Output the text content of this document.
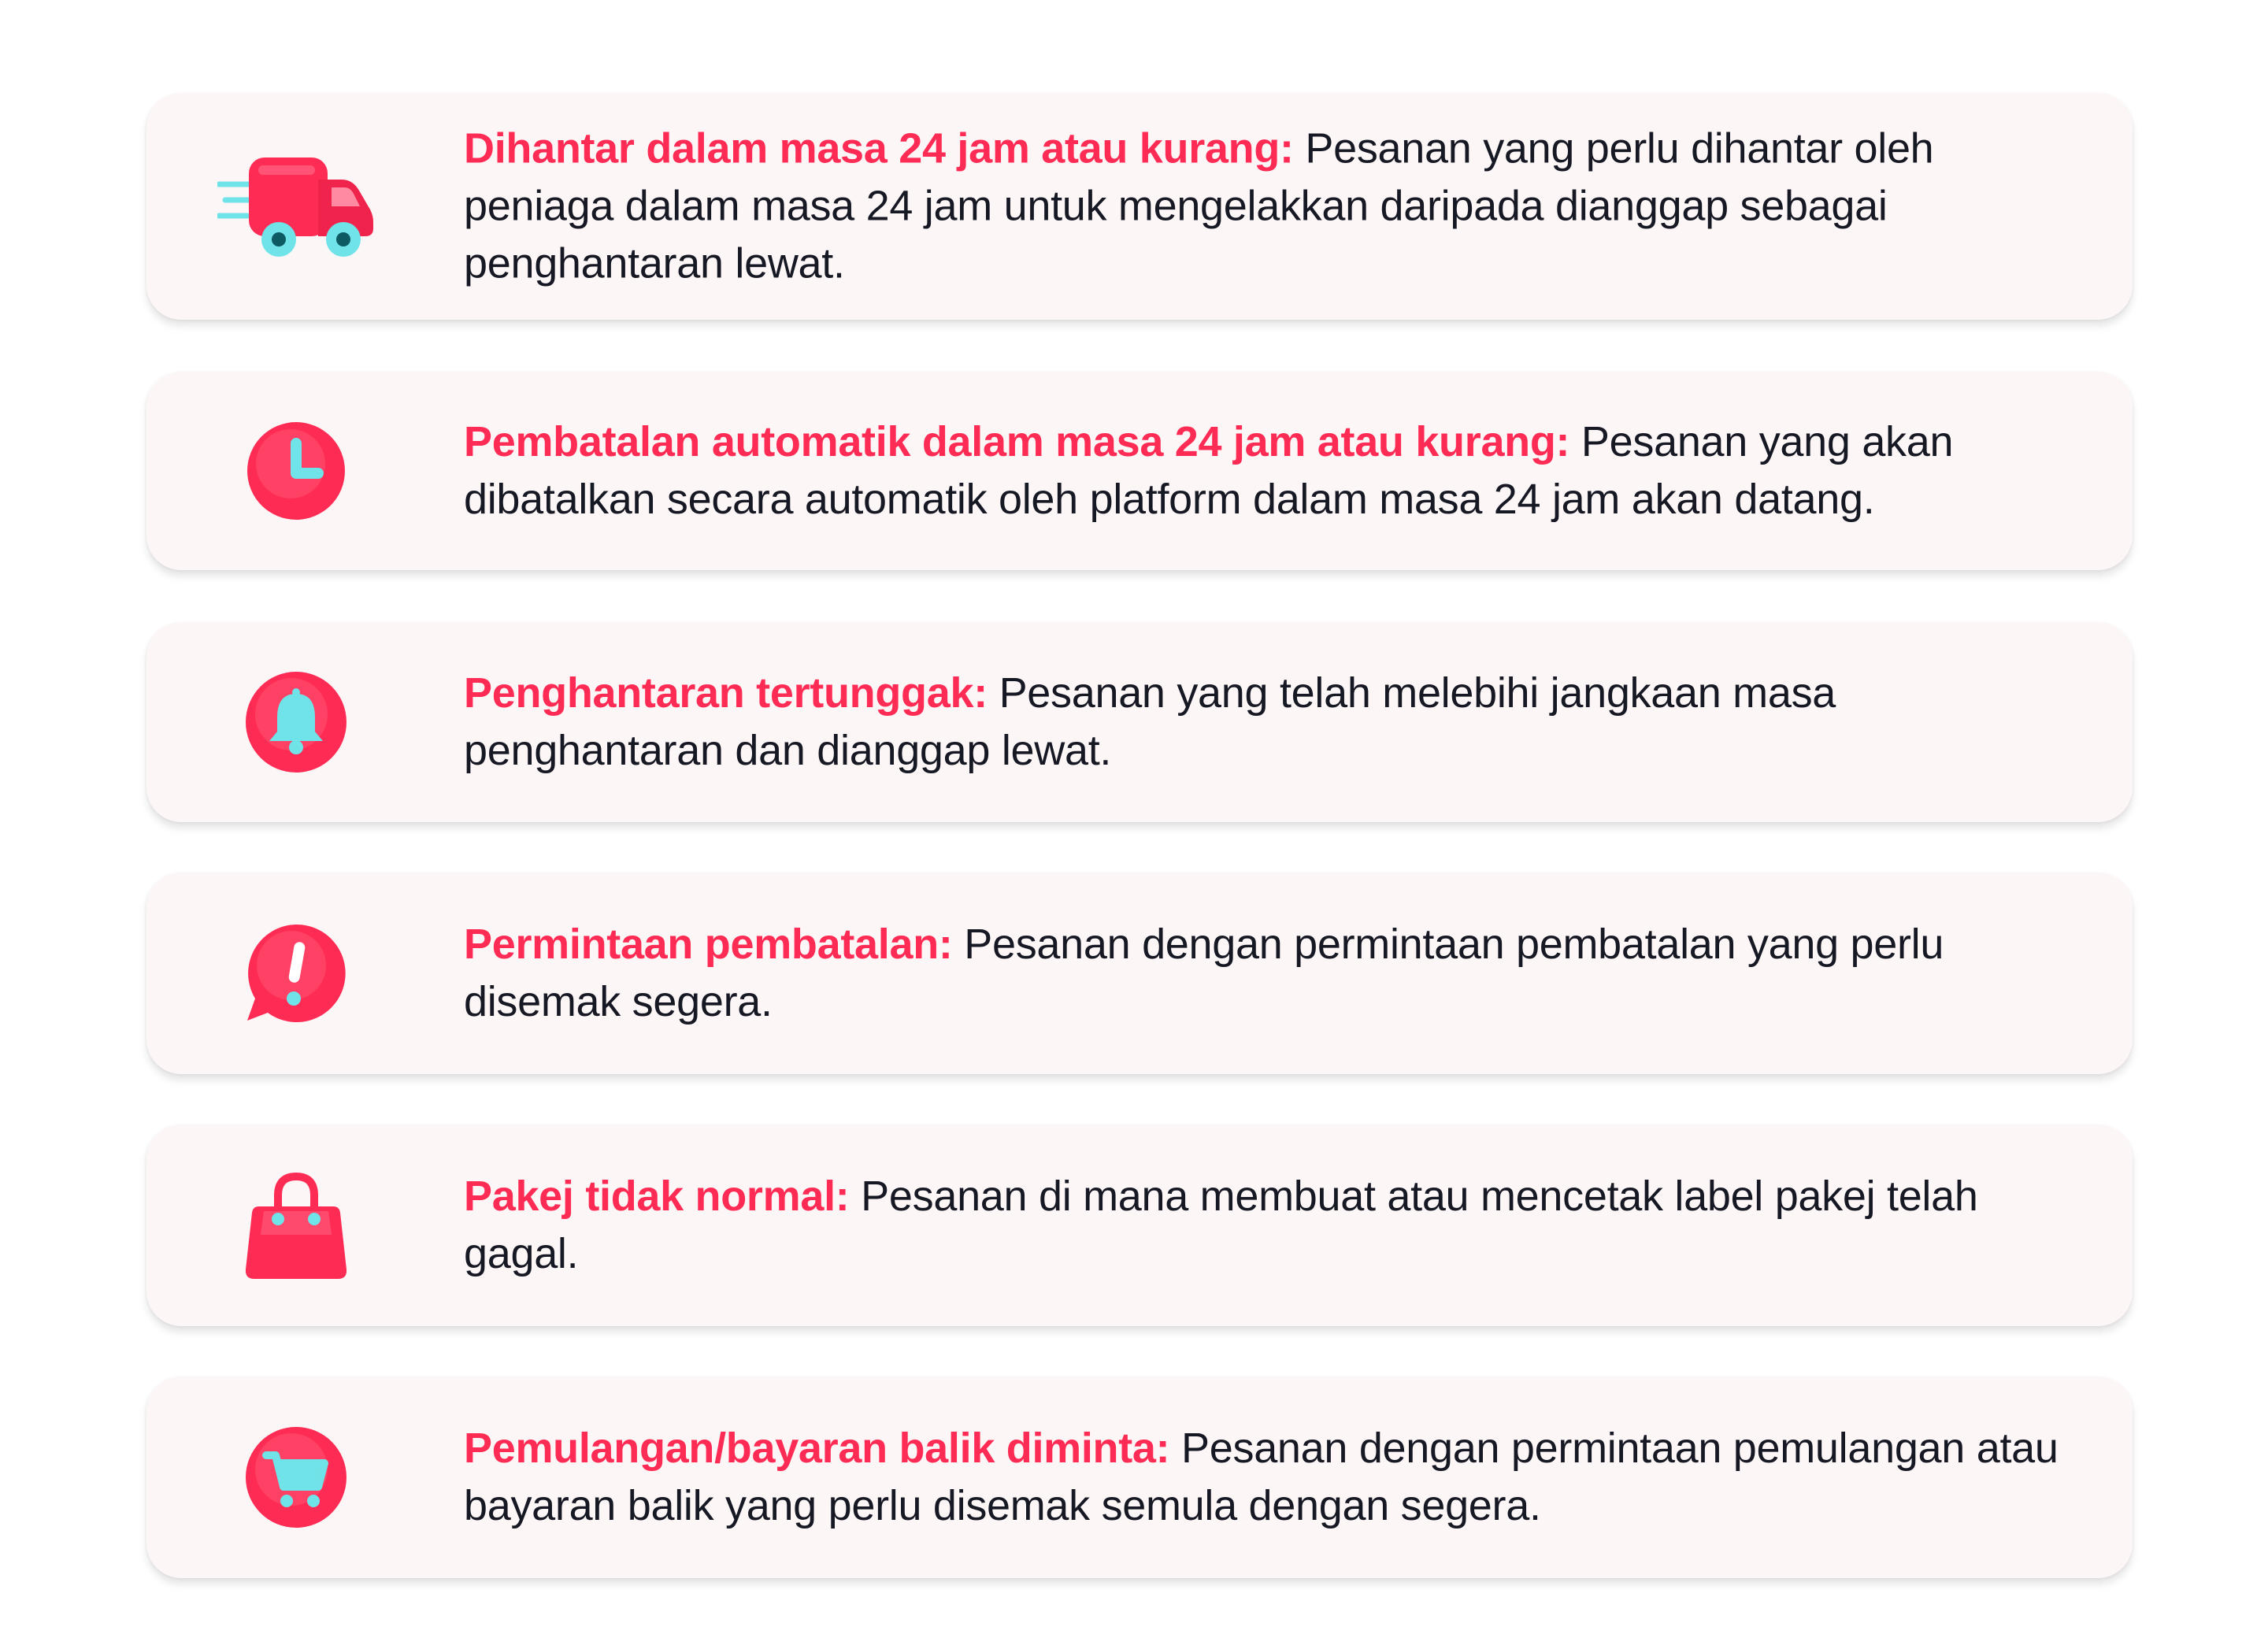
Dihantar dalam masa 24 jam atau kurang: Pesanan yang perlu dihantar oleh peniaga dalam masa 24 jam untuk mengelakkan daripada dianggap sebagai penghantaran lewat.
Pembatalan automatik dalam masa 24 jam atau kurang: Pesanan yang akan dibatalkan secara automatik oleh platform dalam masa 24 jam akan datang.
Penghantaran tertunggak: Pesanan yang telah melebihi jangkaan masa penghantaran dan dianggap lewat.
Permintaan pembatalan: Pesanan dengan permintaan pembatalan yang perlu disemak segera.
Pakej tidak normal: Pesanan di mana membuat atau mencetak label pakej telah gagal.
Pemulangan/bayaran balik diminta: Pesanan dengan permintaan pemulangan atau bayaran balik yang perlu disemak semula dengan segera.
